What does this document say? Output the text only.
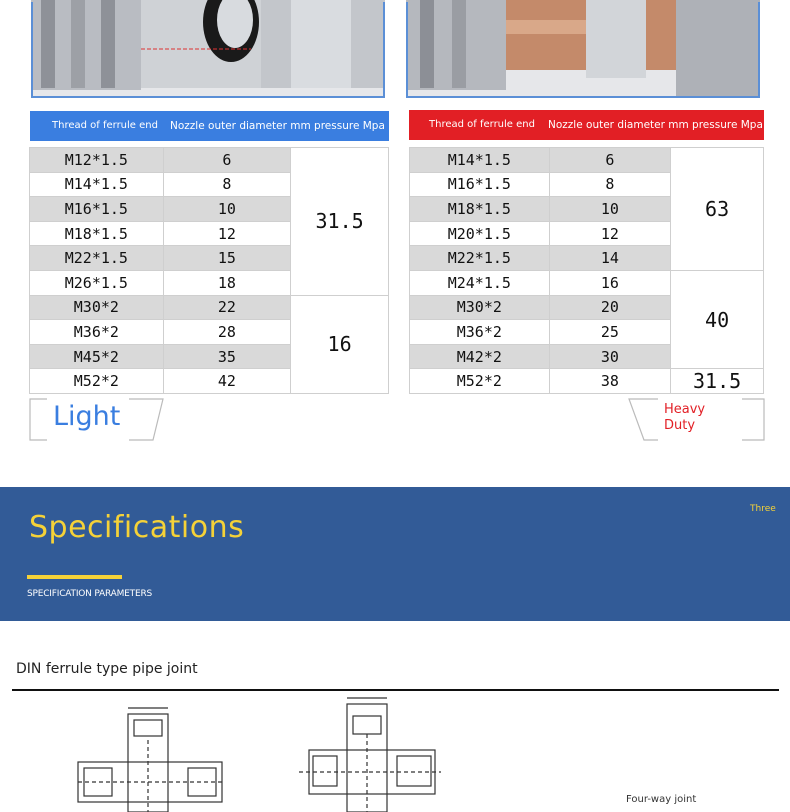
Thread of ferrule end Nozzle outer diameter mm pressure Mpa	Thread of ferrule end Nozzle outer diameter mm pressure Mpa
M12*1.5	6	31.5
M14*1.5	8	
M16*1.5	10	
M18*1.5	12	
M22*1.5	15	
M26*1.5	18	
M30*2	22	16
M36*2	28	
M45*2	35	
M52*2	42	
M14*1.5	6	63
M16*1.5	8	
M18*1.5	10	
M20*1.5	12	
M22*1.5	14	
M24*1.5	16	40
M30*2	20	
M36*2	25	
M42*2	30	
M52*2	38	31.5
Light	Heavy Duty
Specifications
SPECIFICATION PARAMETERS
Three
DIN ferrule type pipe joint
Four-way joint
